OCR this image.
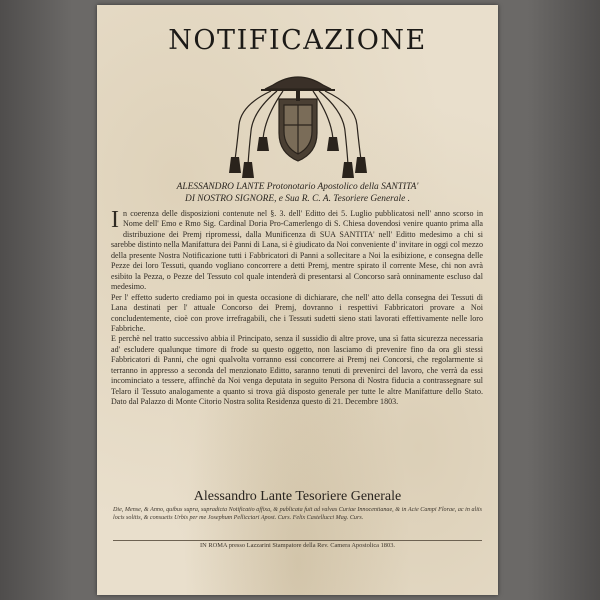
NOTIFICAZIONE
ALESSANDRO LANTE Protonotario Apostolico della SANTITA'
DI NOSTRO SIGNORE, e Sua R. C. A. Tesoriere Generale .

In coerenza delle disposizioni contenute nel §. 3. dell' Editto dei 5. Luglio pubblicatosi nell' anno scorso in Nome dell' Emo e Rmo Sig. Cardinal Doria Pro-Camerlengo di S. Chiesa dovendosi venire quanto prima alla distribuzione dei Premj ripromessi, dalla Munificenza di SUA SANTITA' nell' Editto medesimo a chi si sarebbe distinto nella Manifattura dei Panni di Lana, si è giudicato da Noi conveniente d' invitare in oggi col mezzo della presente Nostra Notificazione tutti i Fabbricatori di Panni a sollecitare a Noi la esibizione, e consegna delle Pezze dei loro Tessuti, quando vogliano concorrere a detti Premj, mentre spirato il corrente Mese, chi non avrà esibito la Pezza, o Pezze del Tessuto col quale intenderà di presentarsi al Concorso sarà onninamente escluso dal medesimo.

Per l' effetto suderto crediamo poi in questa occasione di dichiarare, che nell' atto della consegna dei Tessuti di Lana destinati per l' attuale Concorso dei Premj, dovranno i respettivi Fabbricatori provare a Noi concludentemente, cioè con prove irrefragabili, che i Tessuti sudetti sieno stati lavorati effettivamente nelle loro Fabbriche.

E perchè nel tratto successivo abbia il Principato, senza il sussidio di altre prove, una sì fatta sicurezza necessaria ad' escludere qualunque timore di frode su questo oggetto, non lasciamo di prevenire fino da ora gli stessi Fabbricatori di Panni, che ogni qualvolta vorranno essi concorrere ai Premj nei Concorsi, che regolarmente si terranno in appresso a seconda del menzionato Editto, saranno tenuti di prevenirci del lavoro, che verrà da essi incominciato a tessere, affinchè da Noi venga deputata in seguito Persona di Nostra fiducia a contrassegnare sul Telaro il Tessuto analogamente a quanto si trova già disposto generale per tutte le altre Manifatture dello Stato. Dato dal Palazzo di Monte Citorio Nostra solita Residenza questo dì 21. Decembre 1803.

Alessandro Lante Tesoriere Generale
Die, Mense, & Anno, quibus supra, supradicta Notificatio affixa, & publicata fuit ad valvas Curiae Innocentianae, & in Acie Campi Florae, ac in aliis locis solitis, & consuetis Urbis per me Josephum Pellicciari Apost. Curs. Felix Castellucci Mag. Curs.
IN ROMA presso Lazzarini Stampatore della Rev. Camera Apostolica 1803.
